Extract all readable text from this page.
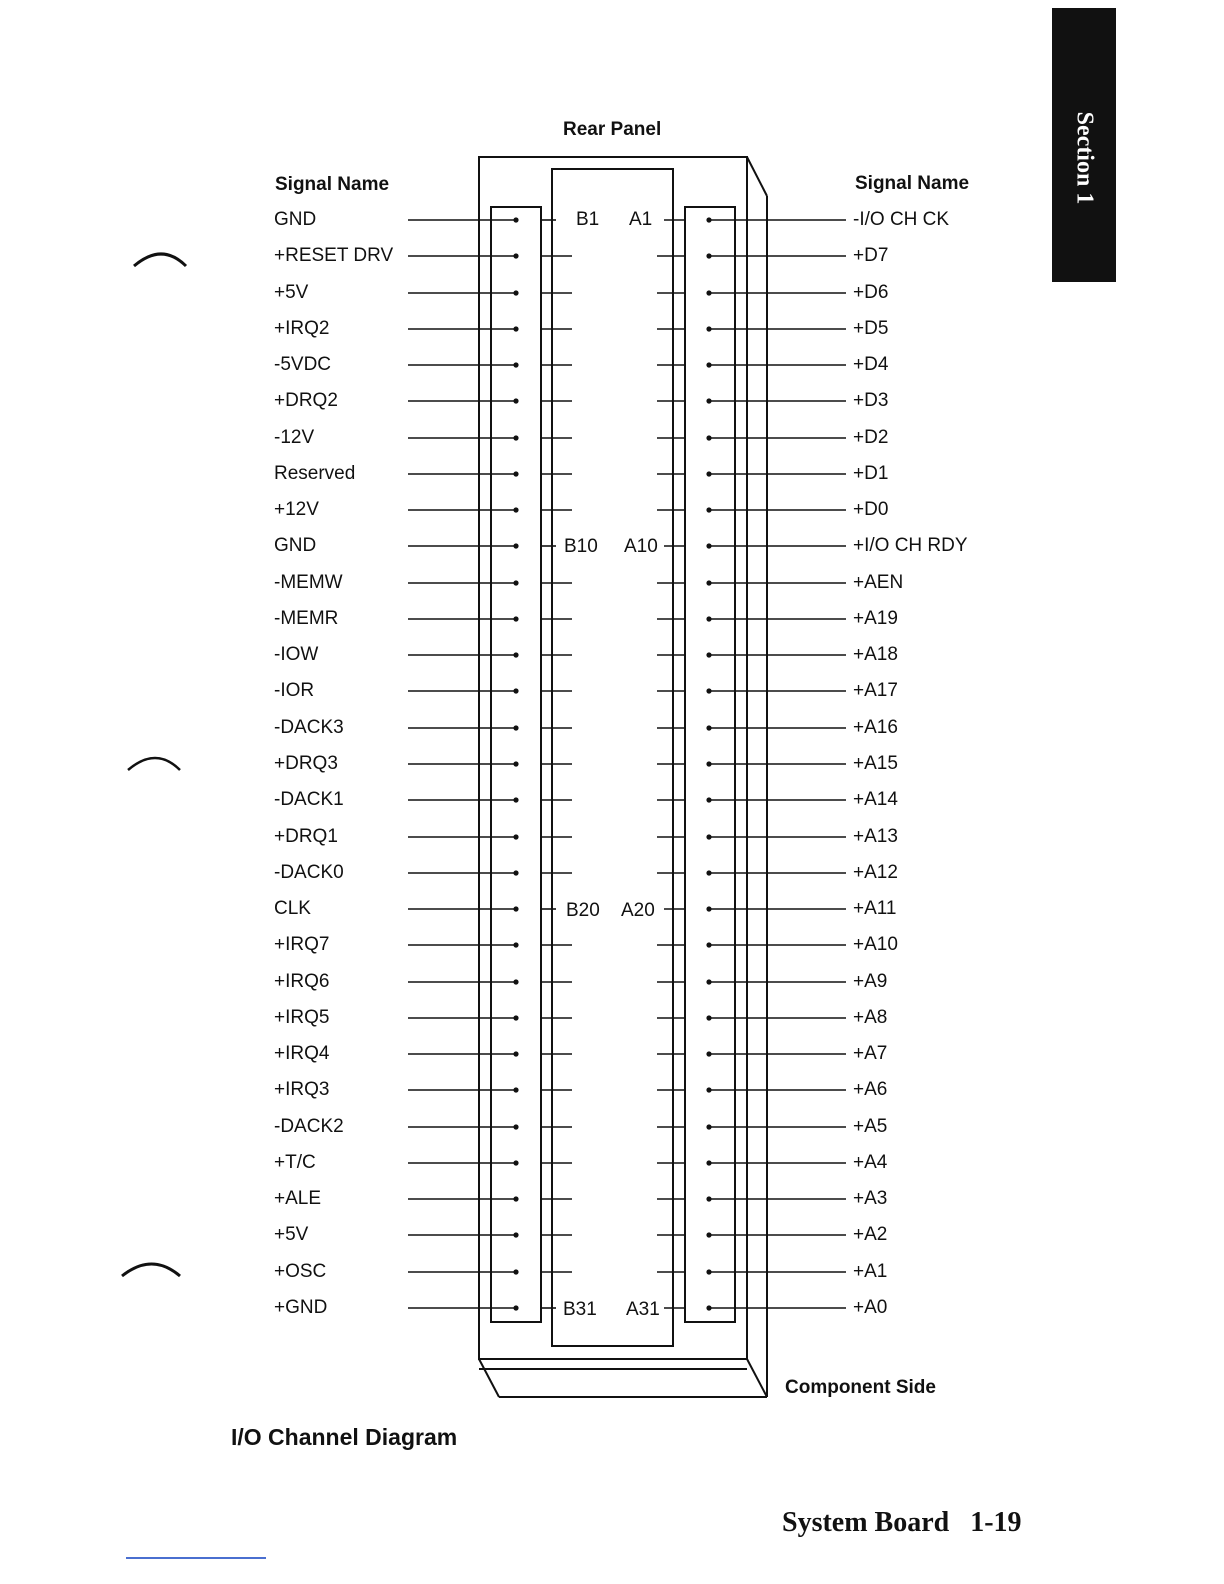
Section 1
Rear Panel
Signal Name	Signal Name
GND
+RESET DRV
+5V
+IRQ2
-5VDC
+DRQ2
-12V
Reserved
+12V
GND
-MEMW
-MEMR
-IOW
-IOR
-DACK3
+DRQ3
-DACK1
+DRQ1
-DACK0
CLK
+IRQ7
+IRQ6
+IRQ5
+IRQ4
+IRQ3
-DACK2
+T/C
+ALE
+5V
+OSC
+GND
-I/O CH CK
+D7
+D6
+D5
+D4
+D3
+D2
+D1
+D0
+I/O CH RDY
+AEN
+A19
+A18
+A17
+A16
+A15
+A14
+A13
+A12
+A11
+A10
+A9
+A8
+A7
+A6
+A5
+A4
+A3
+A2
+A1
+A0
B1 A1
B10 A10
B20 A20
B31 A31
Component Side
I/O Channel Diagram
System Board 1-19
